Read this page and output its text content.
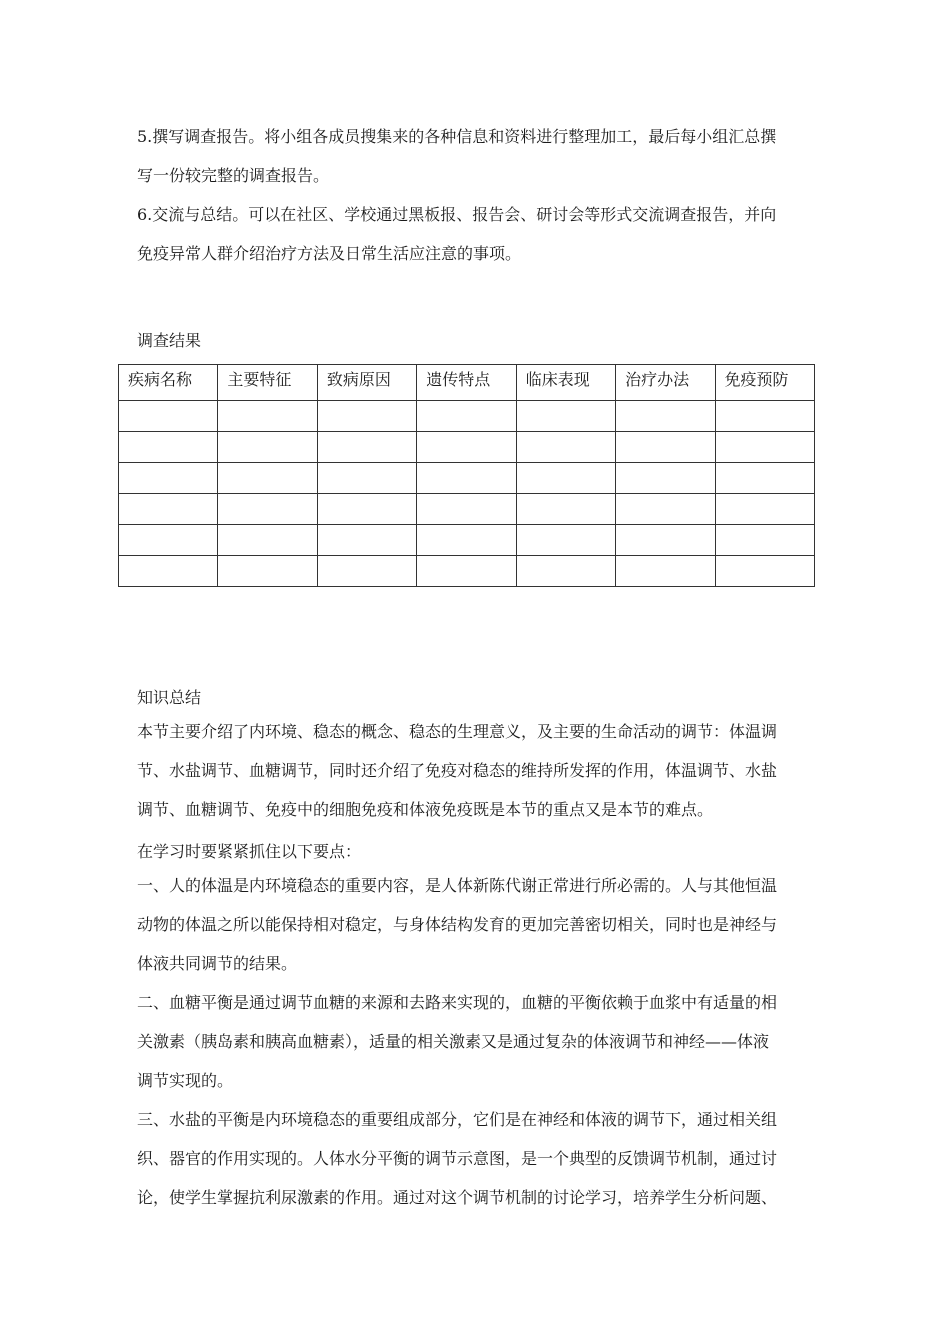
5.撰写调查报告。将小组各成员搜集来的各种信息和资料进行整理加工，最后每小组汇总撰
写一份较完整的调查报告。
6.交流与总结。可以在社区、学校通过黑板报、报告会、研讨会等形式交流调查报告，并向
免疫异常人群介绍治疗方法及日常生活应注意的事项。

调查结果

疾病名称	主要特征	致病原因	遗传特点	临床表现	治疗办法	免疫预防

知识总结

本节主要介绍了内环境、稳态的概念、稳态的生理意义，及主要的生命活动的调节：体温调
节、水盐调节、血糖调节，同时还介绍了免疫对稳态的维持所发挥的作用，体温调节、水盐
调节、血糖调节、免疫中的细胞免疫和体液免疫既是本节的重点又是本节的难点。

在学习时要紧紧抓住以下要点：

一、人的体温是内环境稳态的重要内容，是人体新陈代谢正常进行所必需的。人与其他恒温
动物的体温之所以能保持相对稳定，与身体结构发育的更加完善密切相关，同时也是神经与
体液共同调节的结果。
二、血糖平衡是通过调节血糖的来源和去路来实现的，血糖的平衡依赖于血浆中有适量的相
关激素（胰岛素和胰高血糖素），适量的相关激素又是通过复杂的体液调节和神经——体液
调节实现的。
三、水盐的平衡是内环境稳态的重要组成部分，它们是在神经和体液的调节下，通过相关组
织、器官的作用实现的。人体水分平衡的调节示意图，是一个典型的反馈调节机制，通过讨
论，使学生掌握抗利尿激素的作用。通过对这个调节机制的讨论学习，培养学生分析问题、
